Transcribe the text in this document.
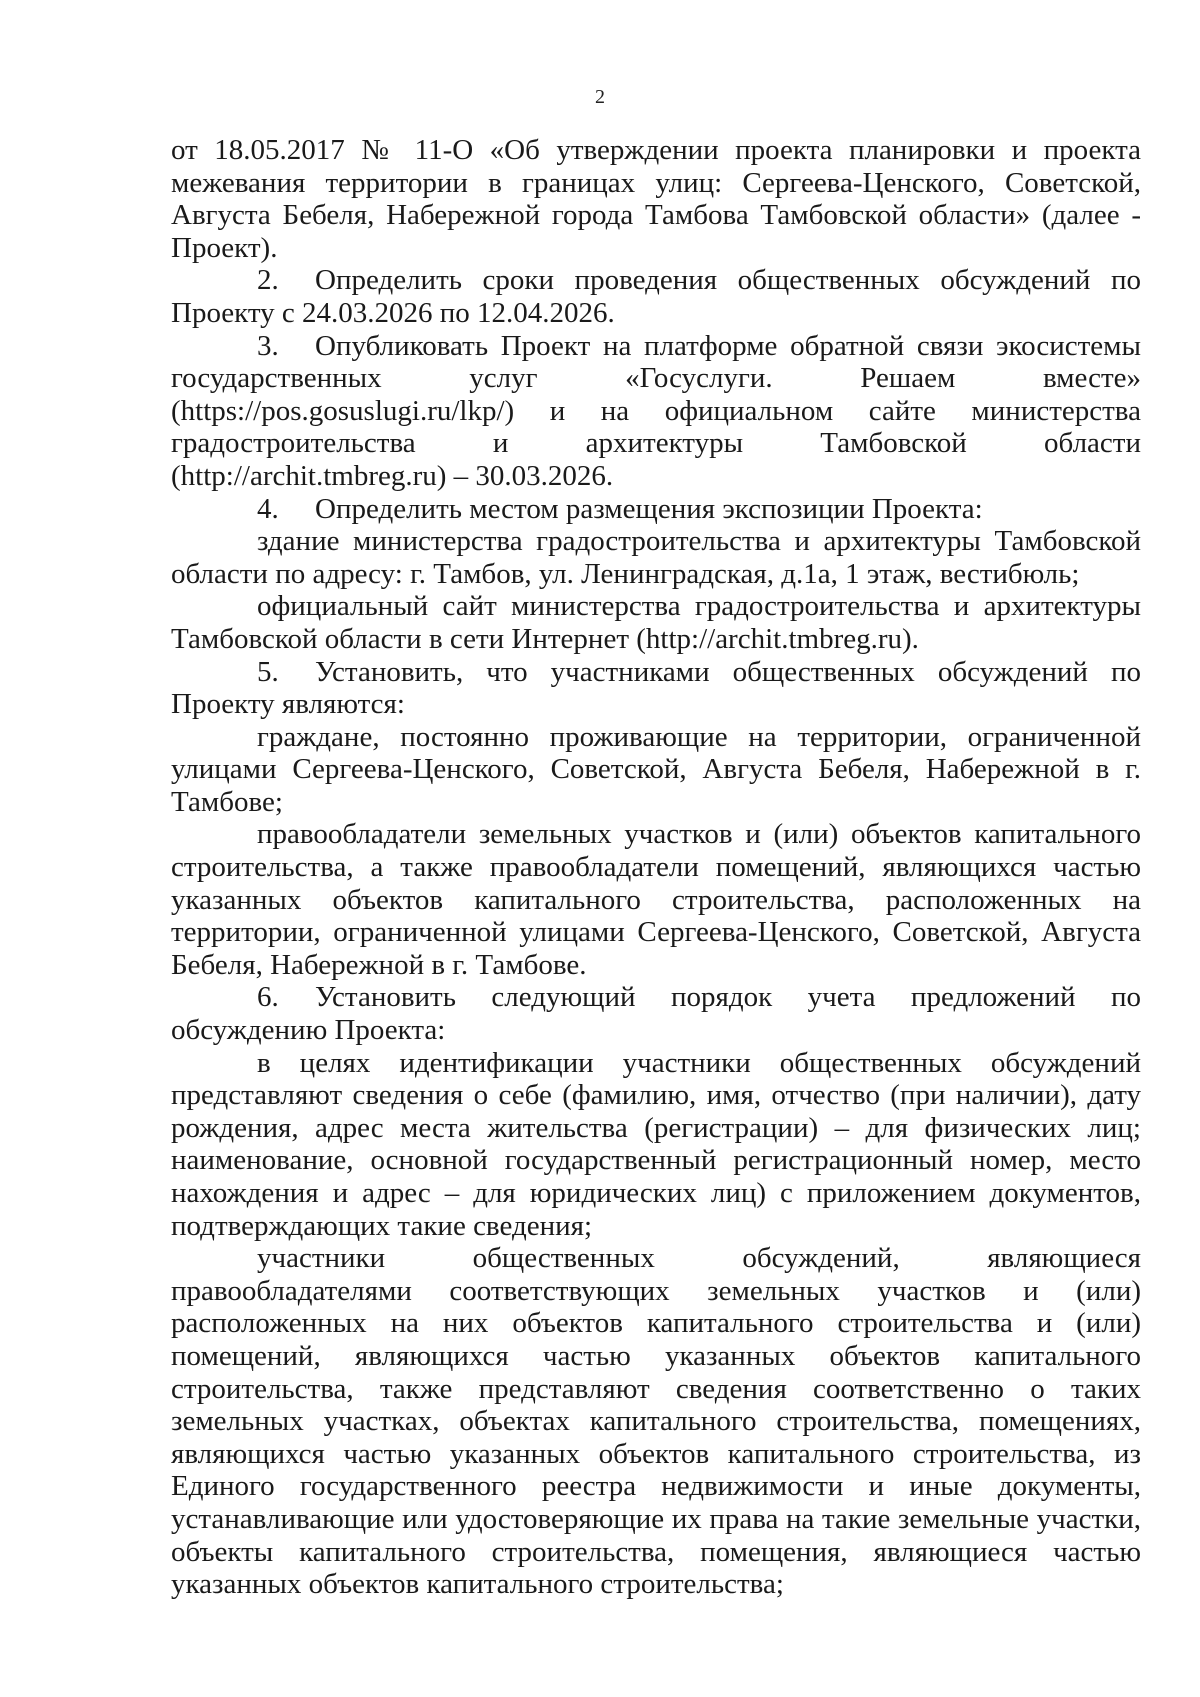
2

от 18.05.2017 № 11-О «Об утверждении проекта планировки и проекта межевания территории в границах улиц: Сергеева-Ценского, Советской, Августа Бебеля, Набережной города Тамбова Тамбовской области» (далее - Проект).

2. Определить сроки проведения общественных обсуждений по Проекту с 24.03.2026 по 12.04.2026.

3. Опубликовать Проект на платформе обратной связи экосистемы государственных услуг «Госуслуги. Решаем вместе» (https://pos.gosuslugi.ru/lkp/) и на официальном сайте министерства градостроительства и архитектуры Тамбовской области (http://archit.tmbreg.ru) – 30.03.2026.

4. Определить местом размещения экспозиции Проекта:

здание министерства градостроительства и архитектуры Тамбовской области по адресу: г. Тамбов, ул. Ленинградская, д.1а, 1 этаж, вестибюль;

официальный сайт министерства градостроительства и архитектуры Тамбовской области в сети Интернет (http://archit.tmbreg.ru).

5. Установить, что участниками общественных обсуждений по Проекту являются:

граждане, постоянно проживающие на территории, ограниченной улицами Сергеева-Ценского, Советской, Августа Бебеля, Набережной в г. Тамбове;

правообладатели земельных участков и (или) объектов капитального строительства, а также правообладатели помещений, являющихся частью указанных объектов капитального строительства, расположенных на территории, ограниченной улицами Сергеева-Ценского, Советской, Августа Бебеля, Набережной в г. Тамбове.

6. Установить следующий порядок учета предложений по обсуждению Проекта:

в целях идентификации участники общественных обсуждений представляют сведения о себе (фамилию, имя, отчество (при наличии), дату рождения, адрес места жительства (регистрации) – для физических лиц; наименование, основной государственный регистрационный номер, место нахождения и адрес – для юридических лиц) с приложением документов, подтверждающих такие сведения;

участники общественных обсуждений, являющиеся правообладателями соответствующих земельных участков и (или) расположенных на них объектов капитального строительства и (или) помещений, являющихся частью указанных объектов капитального строительства, также представляют сведения соответственно о таких земельных участках, объектах капитального строительства, помещениях, являющихся частью указанных объектов капитального строительства, из Единого государственного реестра недвижимости и иные документы, устанавливающие или удостоверяющие их права на такие земельные участки, объекты капитального строительства, помещения, являющиеся частью указанных объектов капитального строительства;
